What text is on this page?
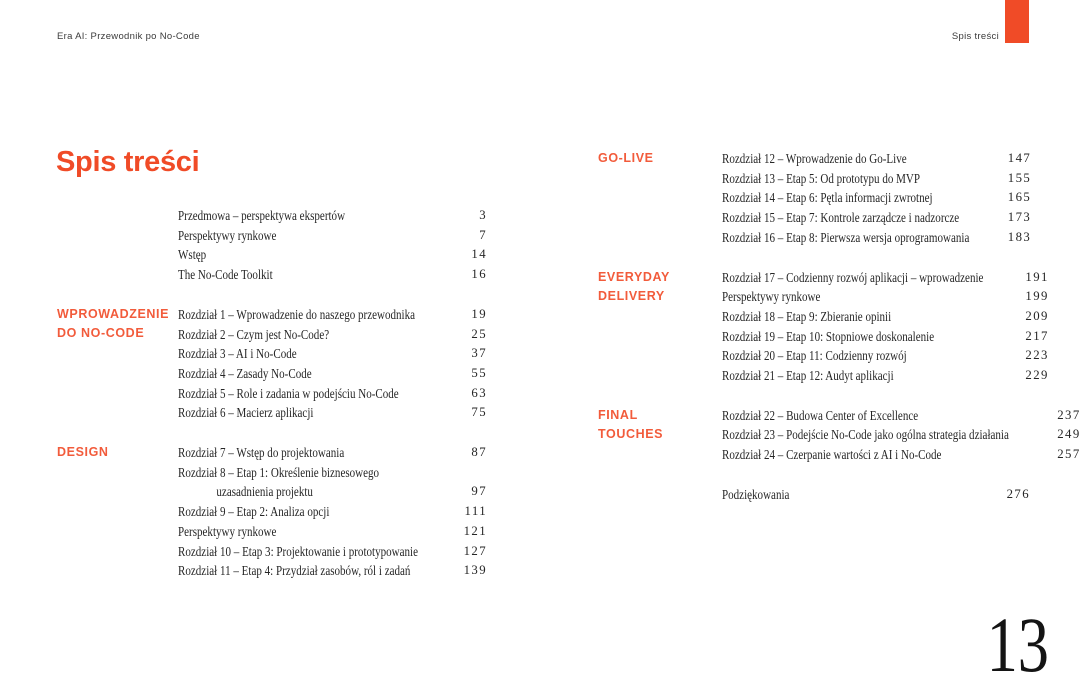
Era AI: Przewodnik po No-Code	Spis treści
Spis treści
Przedmowa – perspektywa ekspertów	3
Perspektywy rynkowe	7
Wstęp	14
The No-Code Toolkit	16
WPROWADZENIE
DO NO-CODE
Rozdział 1 – Wprowadzenie do naszego przewodnika	19
Rozdział 2 – Czym jest No-Code?	25
Rozdział 3 – AI i No-Code	37
Rozdział 4 – Zasady No-Code	55
Rozdział 5 – Role i zadania w podejściu No-Code	63
Rozdział 6 – Macierz aplikacji	75
DESIGN	Rozdział 7 – Wstęp do projektowania	87
Rozdział 8 – Etap 1: Określenie biznesowego
uzasadnienia projektu	97
Rozdział 9 – Etap 2: Analiza opcji	111
Perspektywy rynkowe	121
Rozdział 10 – Etap 3: Projektowanie i prototypowanie	127
Rozdział 11 – Etap 4: Przydział zasobów, ról i zadań	139
GO-LIVE	Rozdział 12 – Wprowadzenie do Go-Live	147
Rozdział 13 – Etap 5: Od prototypu do MVP	155
Rozdział 14 – Etap 6: Pętla informacji zwrotnej	165
Rozdział 15 – Etap 7: Kontrole zarządcze i nadzorcze	173
Rozdział 16 – Etap 8: Pierwsza wersja oprogramowania	183
EVERYDAY
DELIVERY
Rozdział 17 – Codzienny rozwój aplikacji – wprowadzenie	191
Perspektywy rynkowe	199
Rozdział 18 – Etap 9: Zbieranie opinii	209
Rozdział 19 – Etap 10: Stopniowe doskonalenie	217
Rozdział 20 – Etap 11: Codzienny rozwój	223
Rozdział 21 – Etap 12: Audyt aplikacji	229
FINAL
TOUCHES
Rozdział 22 – Budowa Center of Excellence	237
Rozdział 23 – Podejście No-Code jako ogólna strategia działania	249
Rozdział 24 – Czerpanie wartości z AI i No-Code	257
Podziękowania	276
13
